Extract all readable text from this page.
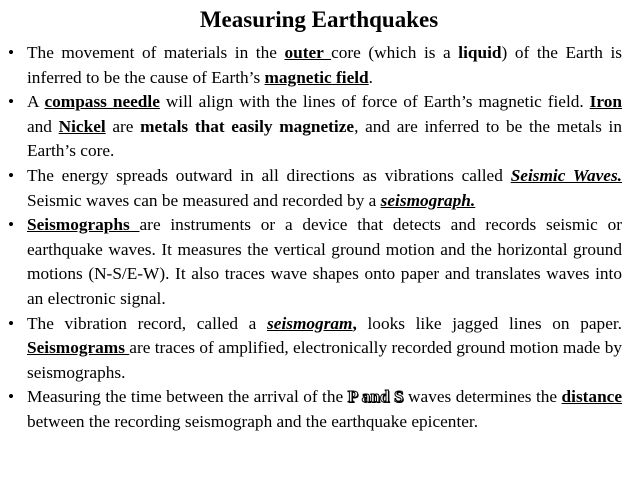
Measuring Earthquakes
• The movement of materials in the outer core (which is a liquid) of the Earth is inferred to be the cause of Earth’s magnetic field.
• A compass needle will align with the lines of force of Earth’s magnetic field. Iron and Nickel are metals that easily magnetize, and are inferred to be the metals in Earth’s core.
• The energy spreads outward in all directions as vibrations called Seismic Waves. Seismic waves can be measured and recorded by a seismograph.
• Seismographs are instruments or a device that detects and records seismic or earthquake waves. It measures the vertical ground motion and the horizontal ground motions (N-S/E-W). It also traces wave shapes onto paper and translates waves into an electronic signal.
• The vibration record, called a seismogram, looks like jagged lines on paper. Seismograms are traces of amplified, electronically recorded ground motion made by seismographs.
• Measuring the time between the arrival of the P and S waves determines the distance between the recording seismograph and the earthquake epicenter.
